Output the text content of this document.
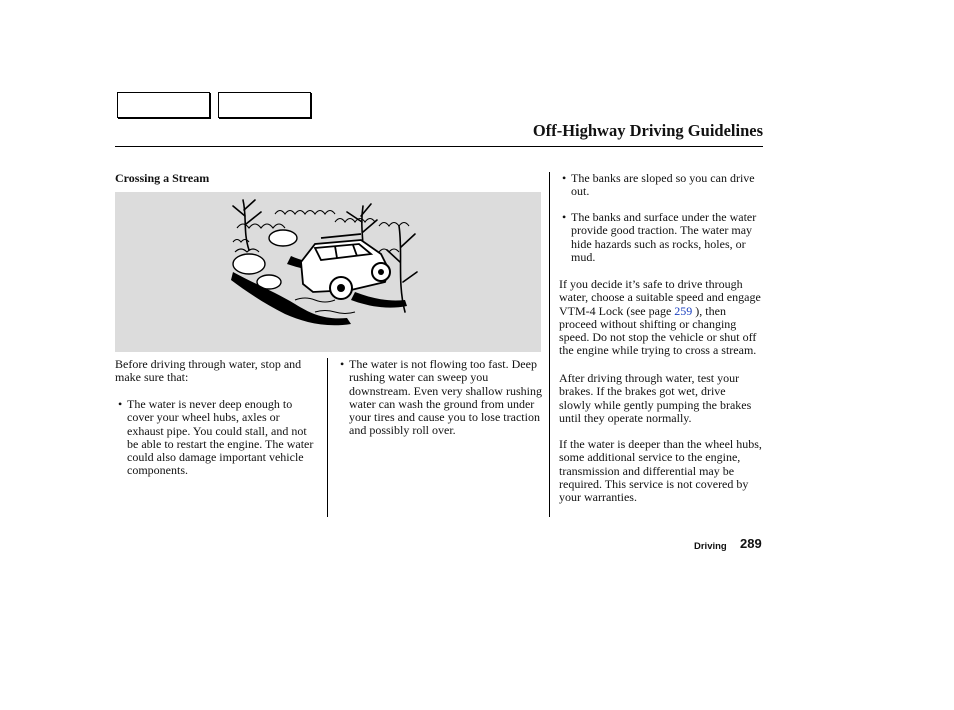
Off-Highway Driving Guidelines
Crossing a Stream
Before driving through water, stop and make sure that:
• The water is never deep enough to cover your wheel hubs, axles or exhaust pipe. You could stall, and not be able to restart the engine. The water could also damage important vehicle components.
• The water is not flowing too fast. Deep rushing water can sweep you downstream. Even very shallow rushing water can wash the ground from under your tires and cause you to lose traction and possibly roll over.
• The banks are sloped so you can drive out.
• The banks and surface under the water provide good traction. The water may hide hazards such as rocks, holes, or mud.
If you decide it’s safe to drive through water, choose a suitable speed and engage VTM-4 Lock (see page 259 ), then proceed without shifting or changing speed. Do not stop the vehicle or shut off the engine while trying to cross a stream.
After driving through water, test your brakes. If the brakes got wet, drive slowly while gently pumping the brakes until they operate normally.
If the water is deeper than the wheel hubs, some additional service to the engine, transmission and differential may be required. This service is not covered by your warranties.
Driving 289
